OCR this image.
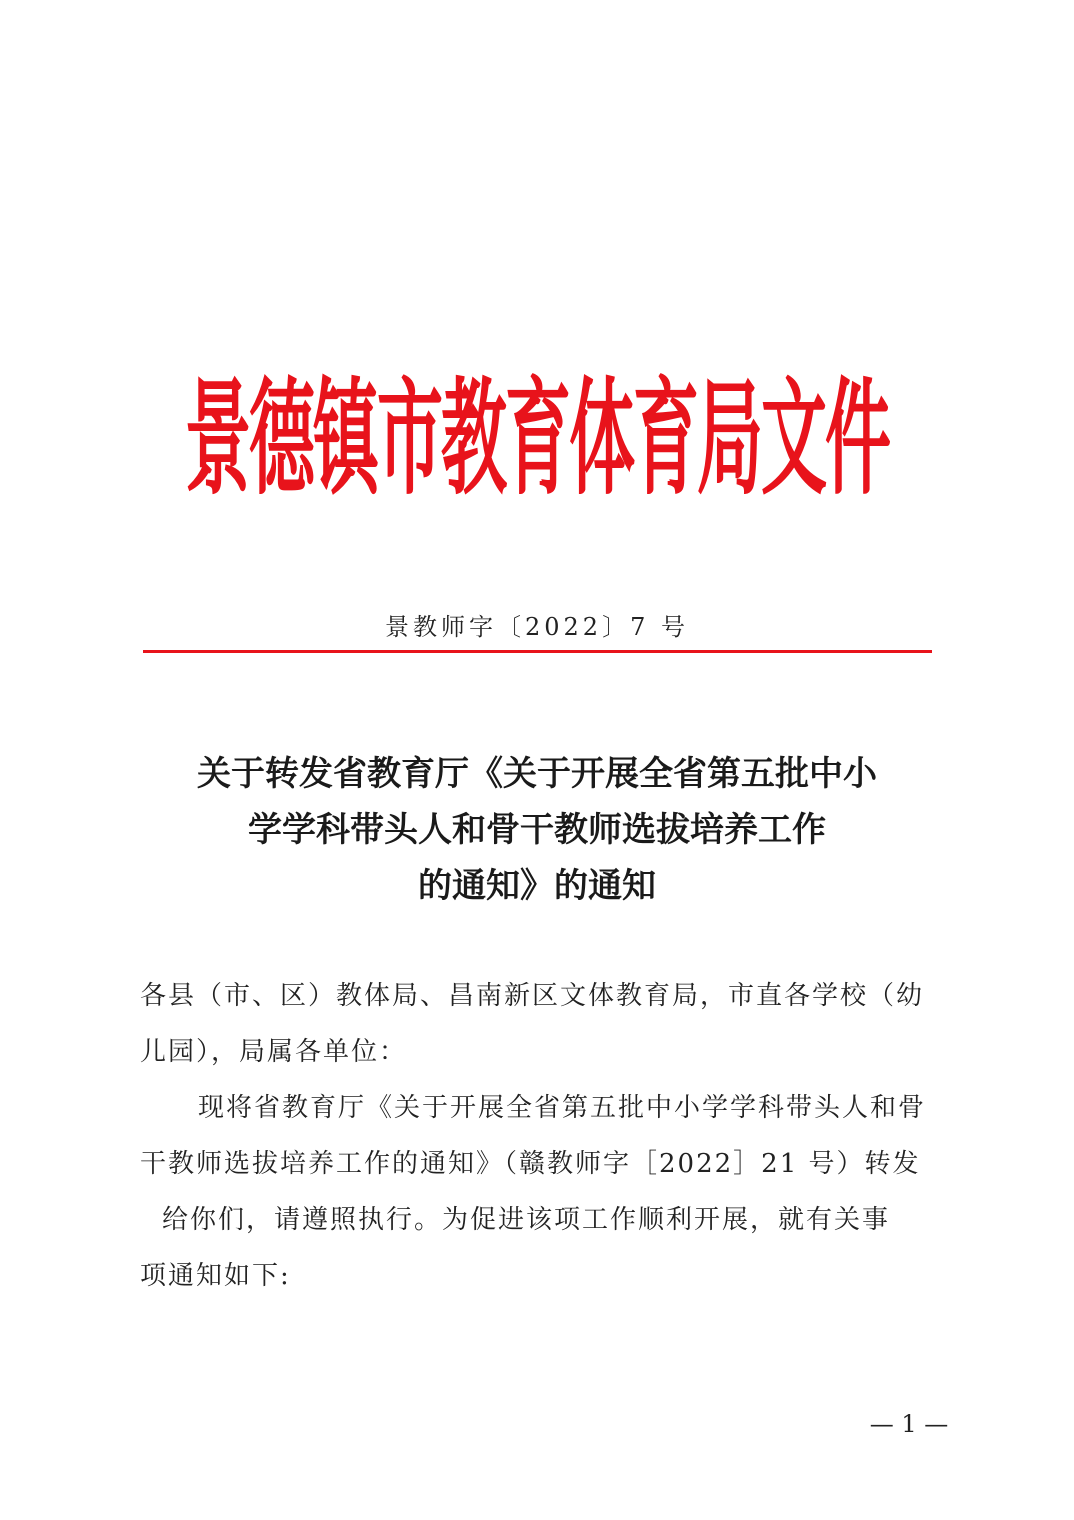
景德镇市教育体育局文件
景教师字〔2022〕7 号
关于转发省教育厅《关于开展全省第五批中小
学学科带头人和骨干教师选拔培养工作
的通知》的通知
各县（市、区）教体局、昌南新区文体教育局，市直各学校（幼
儿园），局属各单位：
现将省教育厅《关于开展全省第五批中小学学科带头人和骨
干教师选拔培养工作的通知》（赣教师字［2022］21 号）转发
给你们，请遵照执行。为促进该项工作顺利开展，就有关事
项通知如下:
— 1 —
